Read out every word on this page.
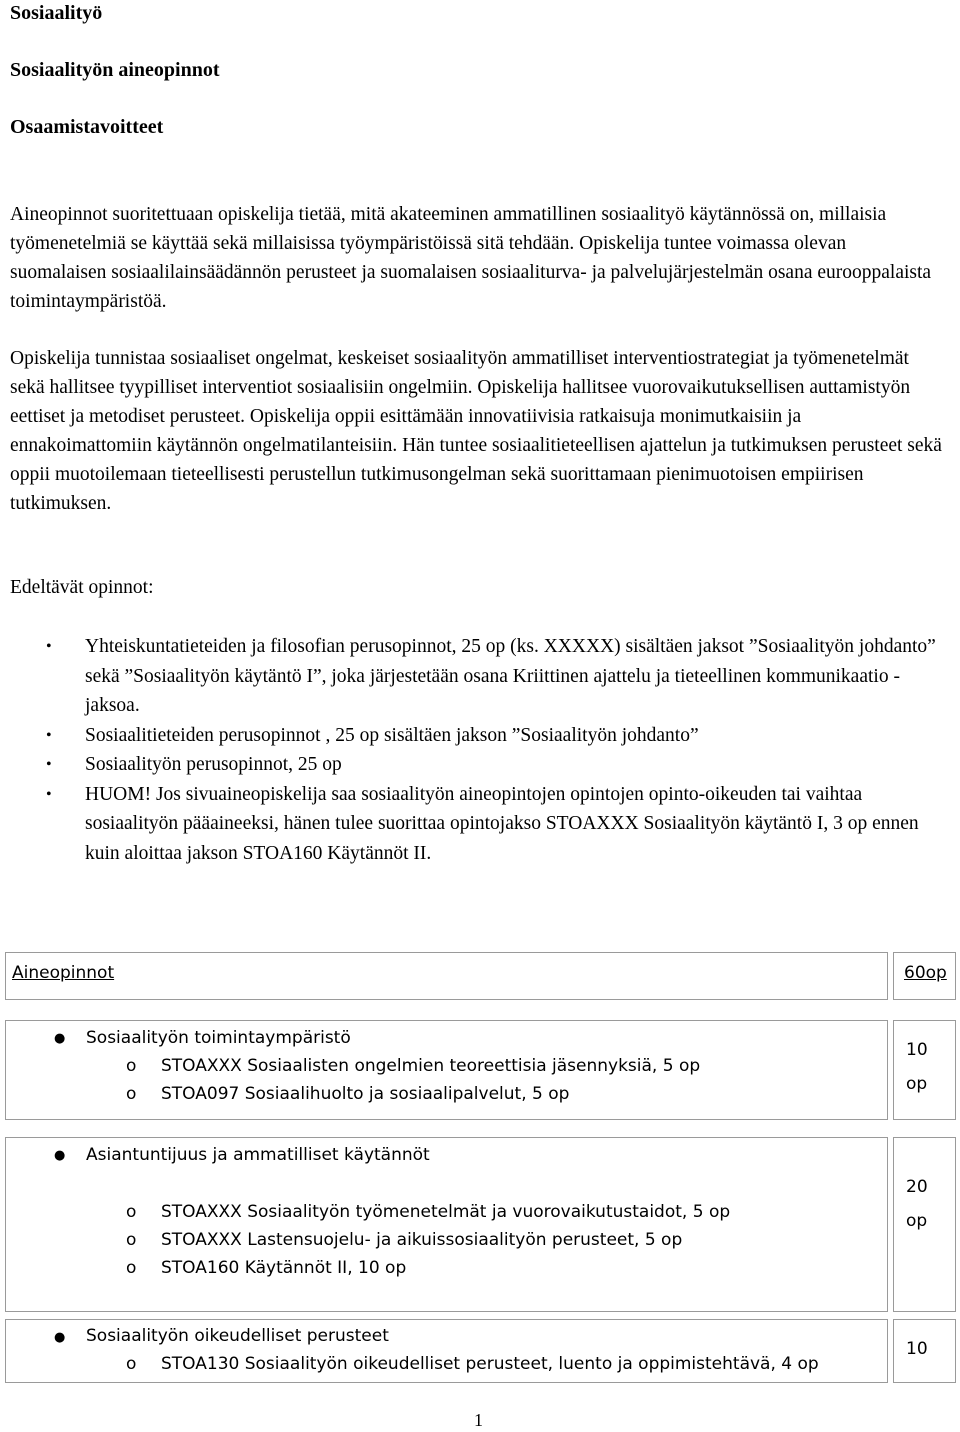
Sosiaalityö
Sosiaalityön aineopinnot
Osaamistavoitteet

Aineopinnot suoritettuaan opiskelija tietää, mitä akateeminen ammatillinen sosiaalityö käytännössä on, millaisia työmenetelmiä se käyttää sekä millaisissa työympäristöissä sitä tehdään. Opiskelija tuntee voimassa olevan suomalaisen sosiaalilainsäädännön perusteet ja suomalaisen sosiaaliturva- ja palvelujärjestelmän osana eurooppalaista toimintaympäristöä.

Opiskelija tunnistaa sosiaaliset ongelmat, keskeiset sosiaalityön ammatilliset interventiostrategiat ja työmenetelmät sekä hallitsee tyypilliset interventiot sosiaalisiin ongelmiin. Opiskelija hallitsee vuorovaikutuksellisen auttamistyön eettiset ja metodiset perusteet. Opiskelija oppii esittämään innovatiivisia ratkaisuja monimutkaisiin ja ennakoimattomiin käytännön ongelmatilanteisiin. Hän tuntee sosiaalitieteellisen ajattelun ja tutkimuksen perusteet sekä oppii muotoilemaan tieteellisesti perustellun tutkimusongelman sekä suorittamaan pienimuotoisen empiirisen tutkimuksen.

Edeltävät opinnot:

• Yhteiskuntatieteiden ja filosofian perusopinnot, 25 op (ks. XXXXX) sisältäen jaksot ”Sosiaalityön johdanto” sekä ”Sosiaalityön käytäntö I”, joka järjestetään osana Kriittinen ajattelu ja tieteellinen kommunikaatio -jaksoa.
• Sosiaalitieteiden perusopinnot , 25 op sisältäen jakson ”Sosiaalityön johdanto”
• Sosiaalityön perusopinnot, 25 op
• HUOM! Jos sivuaineopiskelija saa sosiaalityön aineopintojen opintojen opinto-oikeuden tai vaihtaa sosiaalityön pääaineeksi, hänen tulee suorittaa opintojakso STOAXXX Sosiaalityön käytäntö I, 3 op ennen kuin aloittaa jakson STOA160 Käytännöt II.
Aineopinnot	60op
● Sosiaalityön toimintaympäristö
o STOAXXX Sosiaalisten ongelmien teoreettisia jäsennyksiä, 5 op
o STOA097 Sosiaalihuolto ja sosiaalipalvelut, 5 op
10 op
● Asiantuntijuus ja ammatilliset käytännöt
o STOAXXX Sosiaalityön työmenetelmät ja vuorovaikutustaidot, 5 op
o STOAXXX Lastensuojelu- ja aikuissosiaalityön perusteet, 5 op
o STOA160 Käytännöt II, 10 op
20 op
● Sosiaalityön oikeudelliset perusteet
o STOA130 Sosiaalityön oikeudelliset perusteet, luento ja oppimistehtävä, 4 op
10
1
